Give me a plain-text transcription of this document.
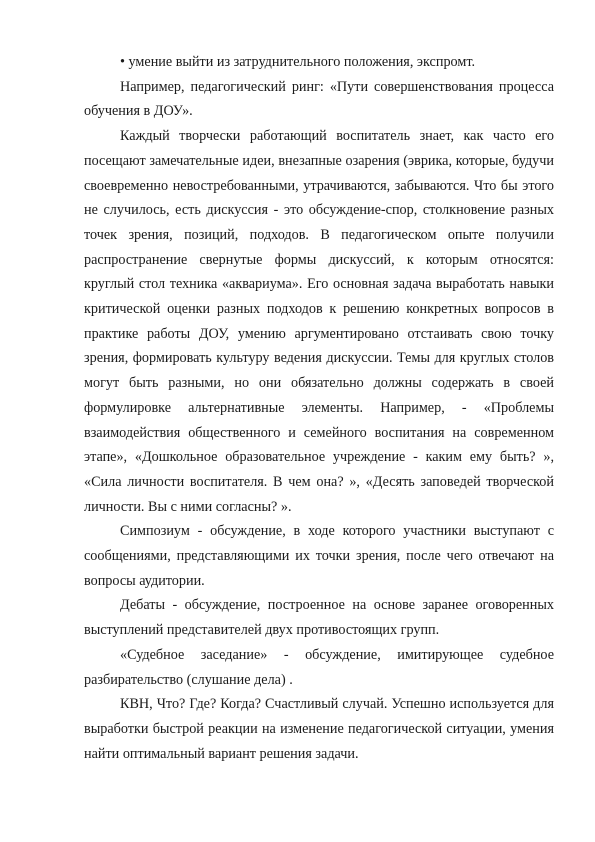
• умение выйти из затруднительного положения, экспромт.

Например, педагогический ринг: «Пути совершенствования процесса обучения в ДОУ».

Каждый творчески работающий воспитатель знает, как часто его посещают замечательные идеи, внезапные озарения (эврика, которые, будучи своевременно невостребованными, утрачиваются, забываются. Что бы этого не случилось, есть дискуссия - это обсуждение-спор, столкновение разных точек зрения, позиций, подходов. В педагогическом опыте получили распространение свернутые формы дискуссий, к которым относятся: круглый стол техника «аквариума». Его основная задача выработать навыки критической оценки разных подходов к решению конкретных вопросов в практике работы ДОУ, умению аргументировано отстаивать свою точку зрения, формировать культуру ведения дискуссии. Темы для круглых столов могут быть разными, но они обязательно должны содержать в своей формулировке альтернативные элементы. Например, - «Проблемы взаимодействия общественного и семейного воспитания на современном этапе», «Дошкольное образовательное учреждение - каким ему быть? », «Сила личности воспитателя. В чем она? », «Десять заповедей творческой личности. Вы с ними согласны? ».

Симпозиум - обсуждение, в ходе которого участники выступают с сообщениями, представляющими их точки зрения, после чего отвечают на вопросы аудитории.

Дебаты - обсуждение, построенное на основе заранее оговоренных выступлений представителей двух противостоящих групп.

«Судебное заседание» - обсуждение, имитирующее судебное разбирательство (слушание дела) .

КВН, Что? Где? Когда? Счастливый случай. Успешно используется для выработки быстрой реакции на изменение педагогической ситуации, умения найти оптимальный вариант решения задачи.
